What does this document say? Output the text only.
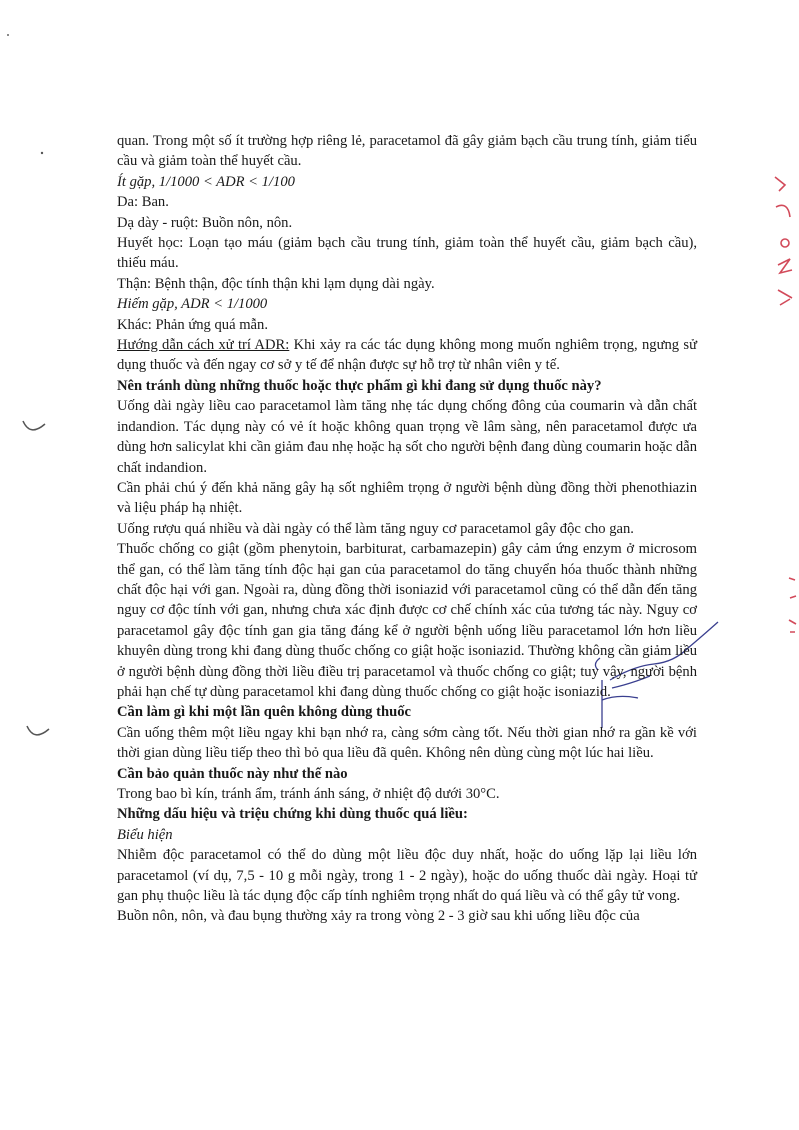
quan. Trong một số ít trường hợp riêng lẻ, paracetamol đã gây giảm bạch cầu trung tính, giảm tiểu cầu và giảm toàn thể huyết cầu.

Ít gặp, 1/1000 < ADR < 1/100

Da: Ban.

Dạ dày - ruột: Buồn nôn, nôn.

Huyết học: Loạn tạo máu (giảm bạch cầu trung tính, giảm toàn thể huyết cầu, giảm bạch cầu), thiếu máu.

Thận: Bệnh thận, độc tính thận khi lạm dụng dài ngày.

Hiếm gặp, ADR < 1/1000

Khác: Phản ứng quá mẫn.

Hướng dẫn cách xử trí ADR: Khi xảy ra các tác dụng không mong muốn nghiêm trọng, ngưng sử dụng thuốc và đến ngay cơ sở y tế để nhận được sự hỗ trợ từ nhân viên y tế.

Nên tránh dùng những thuốc hoặc thực phẩm gì khi đang sử dụng thuốc này?

Uống dài ngày liều cao paracetamol làm tăng nhẹ tác dụng chống đông của coumarin và dẫn chất indandion. Tác dụng này có vẻ ít hoặc không quan trọng về lâm sàng, nên paracetamol được ưa dùng hơn salicylat khi cần giảm đau nhẹ hoặc hạ sốt cho người bệnh đang dùng coumarin hoặc dẫn chất indandion.

Cần phải chú ý đến khả năng gây hạ sốt nghiêm trọng ở người bệnh dùng đồng thời phenothiazin và liệu pháp hạ nhiệt.

Uống rượu quá nhiều và dài ngày có thể làm tăng nguy cơ paracetamol gây độc cho gan.

Thuốc chống co giật (gồm phenytoin, barbiturat, carbamazepin) gây cảm ứng enzym ở microsom thể gan, có thể làm tăng tính độc hại gan của paracetamol do tăng chuyển hóa thuốc thành những chất độc hại với gan. Ngoài ra, dùng đồng thời isoniazid với paracetamol cũng có thể dẫn đến tăng nguy cơ độc tính với gan, nhưng chưa xác định được cơ chế chính xác của tương tác này. Nguy cơ paracetamol gây độc tính gan gia tăng đáng kể ở người bệnh uống liều paracetamol lớn hơn liều khuyên dùng trong khi đang dùng thuốc chống co giật hoặc isoniazid. Thường không cần giảm liều ở người bệnh dùng đồng thời liều điều trị paracetamol và thuốc chống co giật; tuy vậy, người bệnh phải hạn chế tự dùng paracetamol khi đang dùng thuốc chống co giật hoặc isoniazid.

Cần làm gì khi một lần quên không dùng thuốc

Cần uống thêm một liều ngay khi bạn nhớ ra, càng sớm càng tốt. Nếu thời gian nhớ ra gần kề với thời gian dùng liều tiếp theo thì bỏ qua liều đã quên. Không nên dùng cùng một lúc hai liều.

Cần bảo quản thuốc này như thế nào

Trong bao bì kín, tránh ẩm, tránh ánh sáng, ở nhiệt độ dưới 30°C.

Những dấu hiệu và triệu chứng khi dùng thuốc quá liều:

Biểu hiện

Nhiễm độc paracetamol có thể do dùng một liều độc duy nhất, hoặc do uống lặp lại liều lớn paracetamol (ví dụ, 7,5 - 10 g mỗi ngày, trong 1 - 2 ngày), hoặc do uống thuốc dài ngày. Hoại tử gan phụ thuộc liều là tác dụng độc cấp tính nghiêm trọng nhất do quá liều và có thể gây tử vong.

Buồn nôn, nôn, và đau bụng thường xảy ra trong vòng 2 - 3 giờ sau khi uống liều độc của
